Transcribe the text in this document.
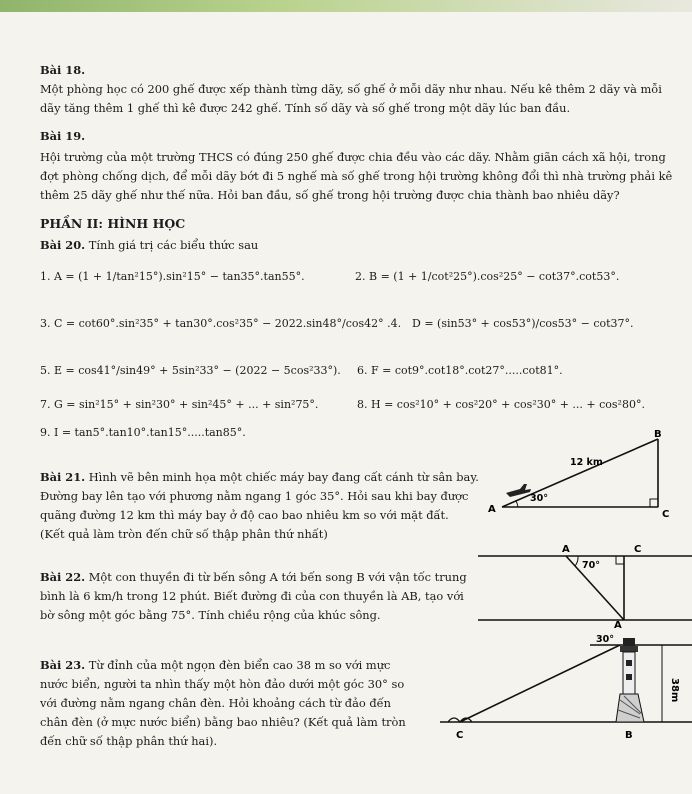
Bài 18.
Một phòng học có 200 ghế được xếp thành từng dãy, số ghế ở mỗi dãy như nhau. Nếu kê thêm 2 dãy và mỗi dãy tăng thêm 1 ghế thì kê được 242 ghế. Tính số dãy và số ghế trong một dãy lúc ban đầu.
Bài 19.
Hội trường của một trường THCS có đúng 250 ghế được chia đều vào các dãy. Nhằm giãn cách xã hội, trong đợt phòng chống dịch, để mỗi dãy bớt đi 5 nghế mà số ghế trong hội trường không đổi thì nhà trường phải kê thêm 25 dãy ghế như thế nữa. Hỏi ban đầu, số ghế trong hội trường được chia thành bao nhiêu dãy?
PHẦN II: HÌNH HỌC
Bài 20. Tính giá trị các biểu thức sau
1. A = (1 + 1/tan²15°).sin²15° − tan35°.tan55°.	2. B = (1 + 1/cot²25°).cos²25° − cot37°.cot53°.
3. C = cot60°.sin²35° + tan30°.cos²35° − 2022.sin48°/cos42° .4. D = (sin53° + cos53°)/cos53° − cot37°.
5. E = cos41°/sin49° + 5sin²33° − (2022 − 5cos²33°). 6. F = cot9°.cot18°.cot27°.....cot81°.
7. G = sin²15° + sin²30° + sin²45° + ... + sin²75°.	8. H = cos²10° + cos²20° + cos²30° + ... + cos²80°.
9. I = tan5°.tan10°.tan15°.....tan85°.
Bài 21. Hình vẽ bên minh họa một chiếc máy bay đang cất cánh từ sân bay. Đường bay lên tạo với phương nằm ngang 1 góc 35°. Hỏi sau khi bay được quãng đường 12 km thì máy bay ở độ cao bao nhiêu km so với mặt đất.
(Kết quả làm tròn đến chữ số thập phân thứ nhất)
B
A	C
12 km
30°
Bài 22. Một con thuyền đi từ bến sông A tới bến song B với vận tốc trung bình là 6 km/h trong 12 phút. Biết đường đi của con thuyền là AB, tạo với bờ sông một góc bằng 75°. Tính chiều rộng của khúc sông.
A	C
70°
Bài 23. Từ đỉnh của một ngọn đèn biển cao 38 m so với mực nước biển, người ta nhìn thấy một hòn đảo dưới một góc 30° so với đường nằm ngang chân đèn. Hỏi khoảng cách từ đảo đến chân đèn (ở mực nước biển) bằng bao nhiêu? (Kết quả làm tròn đến chữ số thập phân thứ hai).
A
30°
38m
C	B
